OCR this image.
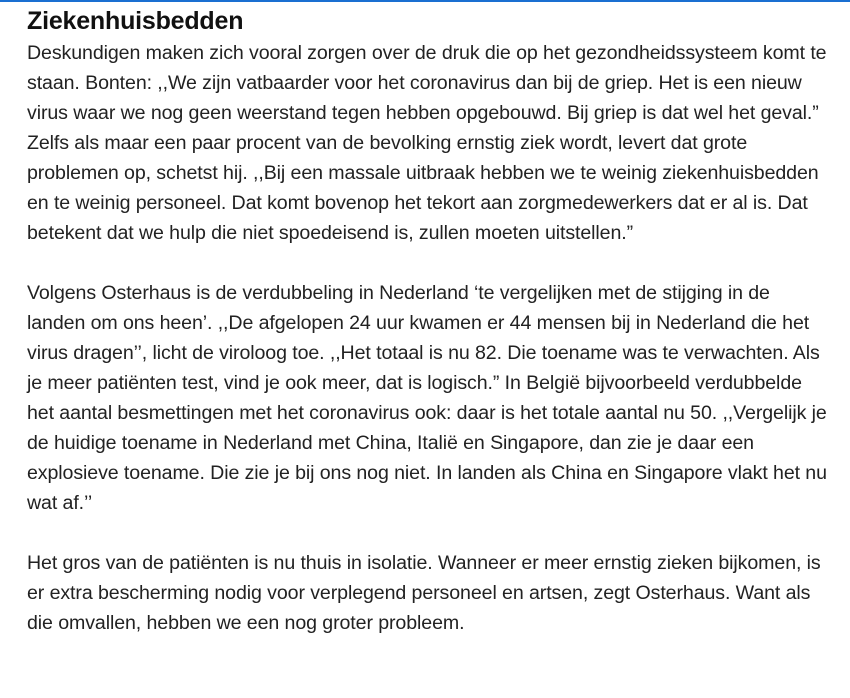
Ziekenhuisbedden

Deskundigen maken zich vooral zorgen over de druk die op het gezondheidssysteem komt te staan. Bonten: ,,We zijn vatbaarder voor het coronavirus dan bij de griep. Het is een nieuw virus waar we nog geen weerstand tegen hebben opgebouwd. Bij griep is dat wel het geval.” Zelfs als maar een paar procent van de bevolking ernstig ziek wordt, levert dat grote problemen op, schetst hij. ,,Bij een massale uitbraak hebben we te weinig ziekenhuisbedden en te weinig personeel. Dat komt bovenop het tekort aan zorgmedewerkers dat er al is. Dat betekent dat we hulp die niet spoedeisend is, zullen moeten uitstellen.”

Volgens Osterhaus is de verdubbeling in Nederland ‘te vergelijken met de stijging in de landen om ons heen’. ,,De afgelopen 24 uur kwamen er 44 mensen bij in Nederland die het virus dragen’’, licht de viroloog toe. ,,Het totaal is nu 82. Die toename was te verwachten. Als je meer patiënten test, vind je ook meer, dat is logisch.” In België bijvoorbeeld verdubbelde het aantal besmettingen met het coronavirus ook: daar is het totale aantal nu 50. ,,Vergelijk je de huidige toename in Nederland met China, Italië en Singapore, dan zie je daar een explosieve toename. Die zie je bij ons nog niet. In landen als China en Singapore vlakt het nu wat af.’’

Het gros van de patiënten is nu thuis in isolatie. Wanneer er meer ernstig zieken bijkomen, is er extra bescherming nodig voor verplegend personeel en artsen, zegt Osterhaus. Want als die omvallen, hebben we een nog groter probleem.
